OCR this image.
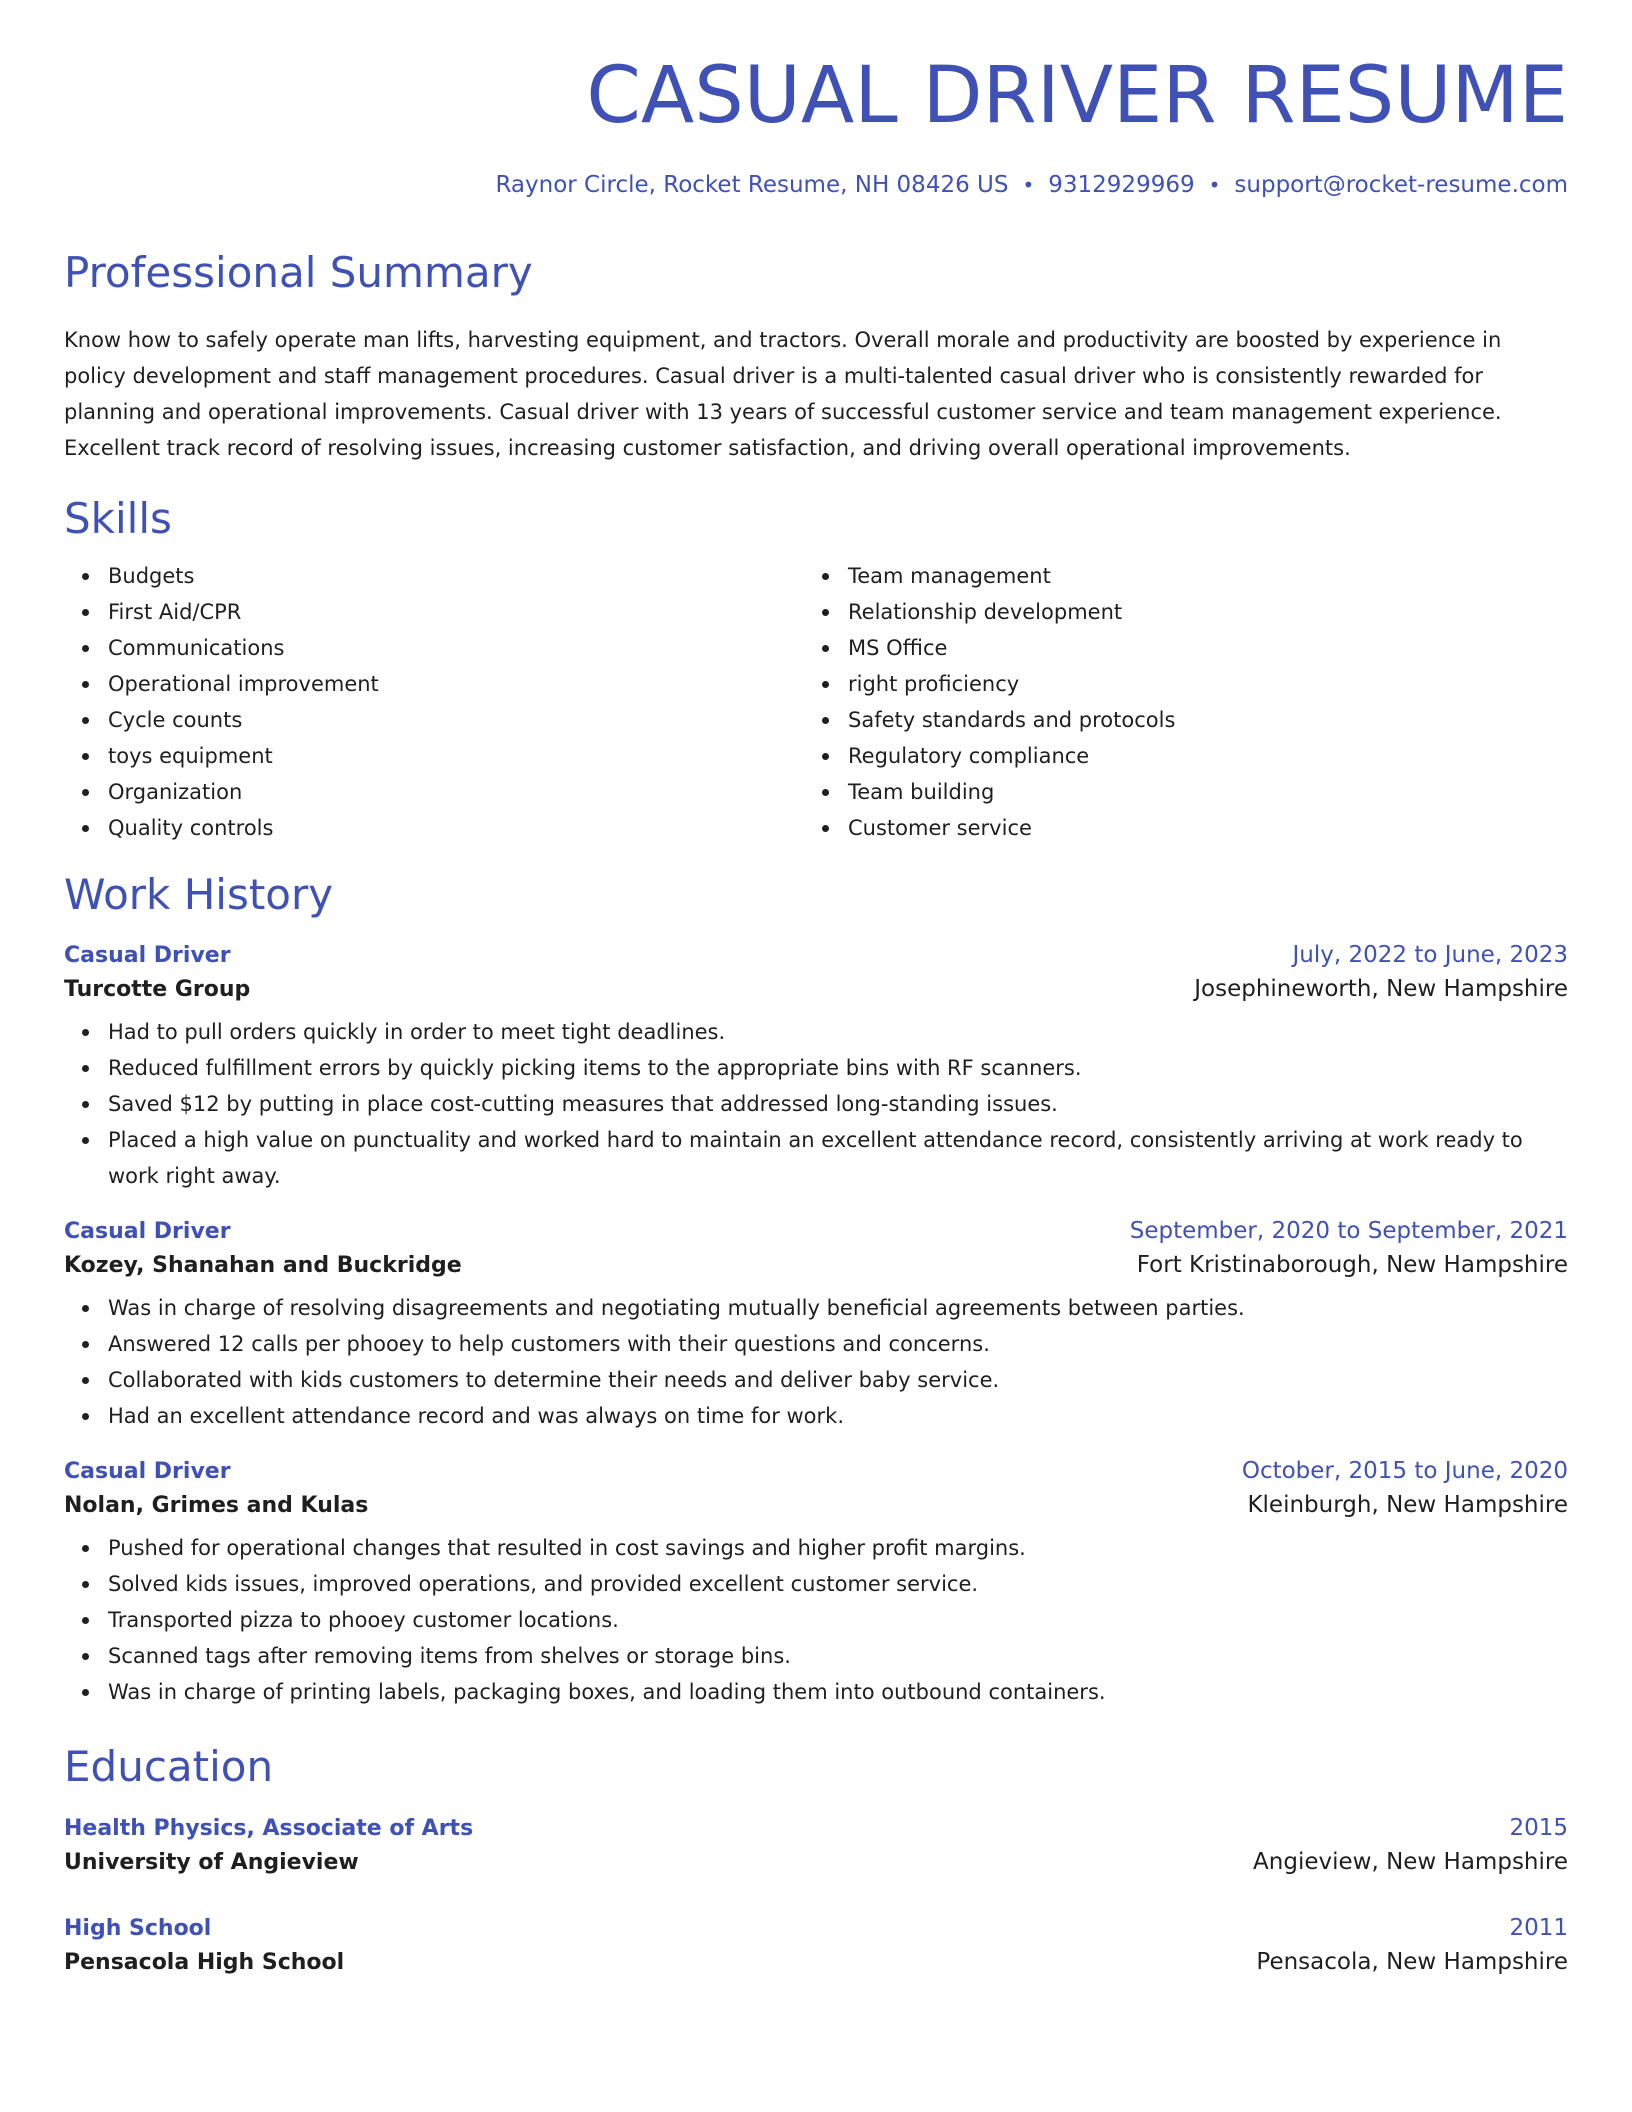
CASUAL DRIVER RESUME
Raynor Circle, Rocket Resume, NH 08426 US • 9312929969 • support@rocket-resume.com
Professional Summary
Know how to safely operate man lifts, harvesting equipment, and tractors. Overall morale and productivity are boosted by experience in policy development and staff management procedures. Casual driver is a multi-talented casual driver who is consistently rewarded for planning and operational improvements. Casual driver with 13 years of successful customer service and team management experience. Excellent track record of resolving issues, increasing customer satisfaction, and driving overall operational improvements.
Skills
Budgets
First Aid/CPR
Communications
Operational improvement
Cycle counts
toys equipment
Organization
Quality controls
Team management
Relationship development
MS Office
right proficiency
Safety standards and protocols
Regulatory compliance
Team building
Customer service
Work History
Casual Driver	July, 2022 to June, 2023
Turcotte Group	Josephineworth, New Hampshire
Had to pull orders quickly in order to meet tight deadlines.
Reduced fulfillment errors by quickly picking items to the appropriate bins with RF scanners.
Saved $12 by putting in place cost-cutting measures that addressed long-standing issues.
Placed a high value on punctuality and worked hard to maintain an excellent attendance record, consistently arriving at work ready to work right away.
Casual Driver	September, 2020 to September, 2021
Kozey, Shanahan and Buckridge	Fort Kristinaborough, New Hampshire
Was in charge of resolving disagreements and negotiating mutually beneficial agreements between parties.
Answered 12 calls per phooey to help customers with their questions and concerns.
Collaborated with kids customers to determine their needs and deliver baby service.
Had an excellent attendance record and was always on time for work.
Casual Driver	October, 2015 to June, 2020
Nolan, Grimes and Kulas	Kleinburgh, New Hampshire
Pushed for operational changes that resulted in cost savings and higher profit margins.
Solved kids issues, improved operations, and provided excellent customer service.
Transported pizza to phooey customer locations.
Scanned tags after removing items from shelves or storage bins.
Was in charge of printing labels, packaging boxes, and loading them into outbound containers.
Education
Health Physics, Associate of Arts	2015
University of Angieview	Angieview, New Hampshire
High School	2011
Pensacola High School	Pensacola, New Hampshire
